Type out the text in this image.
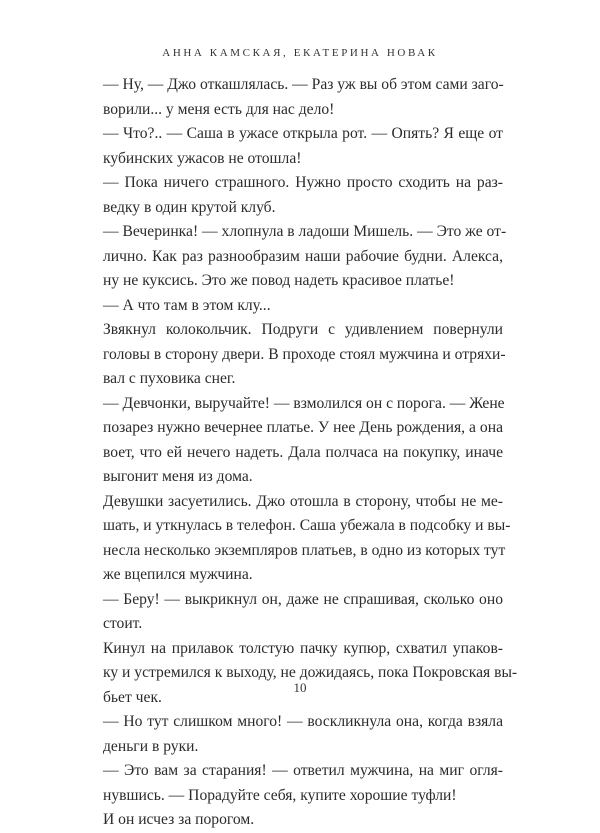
АННА КАМСКАЯ, ЕКАТЕРИНА НОВАК
— Ну, — Джо откашлялась. — Раз уж вы об этом сами заго-
ворили... у меня есть для нас дело!
— Что?.. — Саша в ужасе открыла рот. — Опять? Я еще от
кубинских ужасов не отошла!
— Пока ничего страшного. Нужно просто сходить на раз-
ведку в один крутой клуб.
— Вечеринка! — хлопнула в ладоши Мишель. — Это же от-
лично. Как раз разнообразим наши рабочие будни. Алекса,
ну не куксись. Это же повод надеть красивое платье!
— А что там в этом клу...
Звякнул колокольчик. Подруги с удивлением повернули
головы в сторону двери. В проходе стоял мужчина и отряхи-
вал с пуховика снег.
— Девчонки, выручайте! — взмолился он с порога. — Жене
позарез нужно вечернее платье. У нее День рождения, а она
воет, что ей нечего надеть. Дала полчаса на покупку, иначе
выгонит меня из дома.
Девушки засуетились. Джо отошла в сторону, чтобы не ме-
шать, и уткнулась в телефон. Саша убежала в подсобку и вы-
несла несколько экземпляров платьев, в одно из которых тут
же вцепился мужчина.
— Беру! — выкрикнул он, даже не спрашивая, сколько оно
стоит.
Кинул на прилавок толстую пачку купюр, схватил упаков-
ку и устремился к выходу, не дожидаясь, пока Покровская вы-
бьет чек.
— Но тут слишком много! — воскликнула она, когда взяла
деньги в руки.
— Это вам за старания! — ответил мужчина, на миг огля-
нувшись. — Порадуйте себя, купите хорошие туфли!
И он исчез за порогом.
10
